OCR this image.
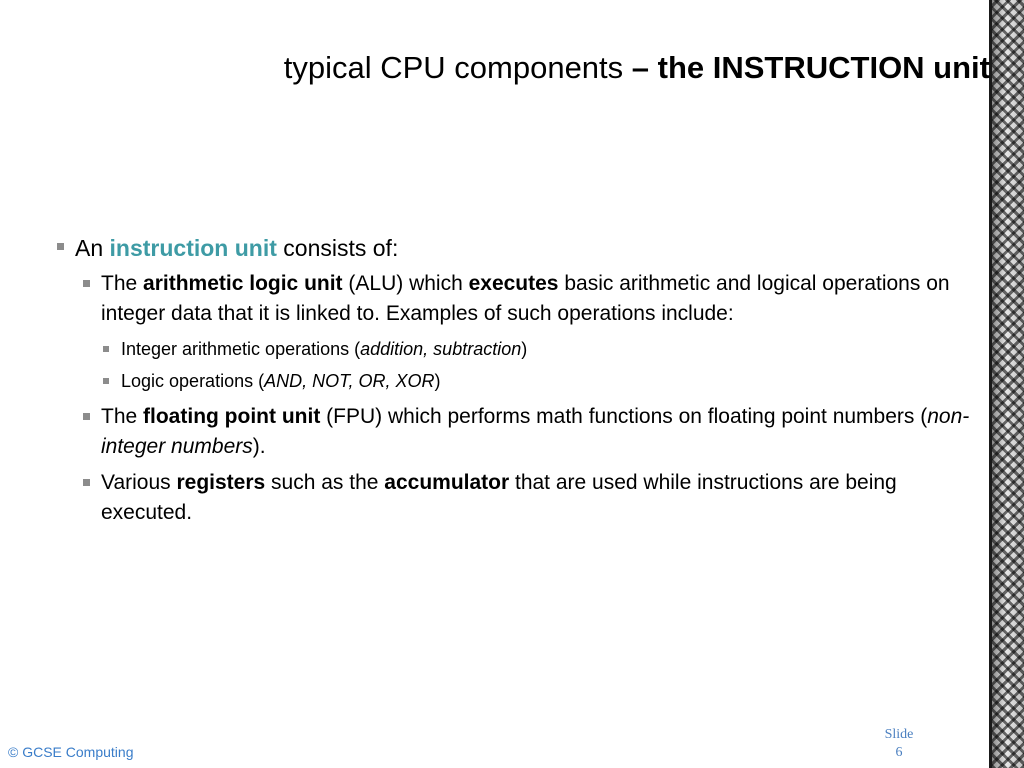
typical CPU components – the INSTRUCTION unit
An instruction unit consists of:
The arithmetic logic unit (ALU) which executes basic arithmetic and logical operations on integer data that it is linked to. Examples of such operations include:
Integer arithmetic operations (addition, subtraction)
Logic operations (AND, NOT, OR, XOR)
The floating point unit (FPU) which performs math functions on floating point numbers (non-integer numbers).
Various registers such as the accumulator that are used while instructions are being executed.
© GCSE Computing
Slide
6
